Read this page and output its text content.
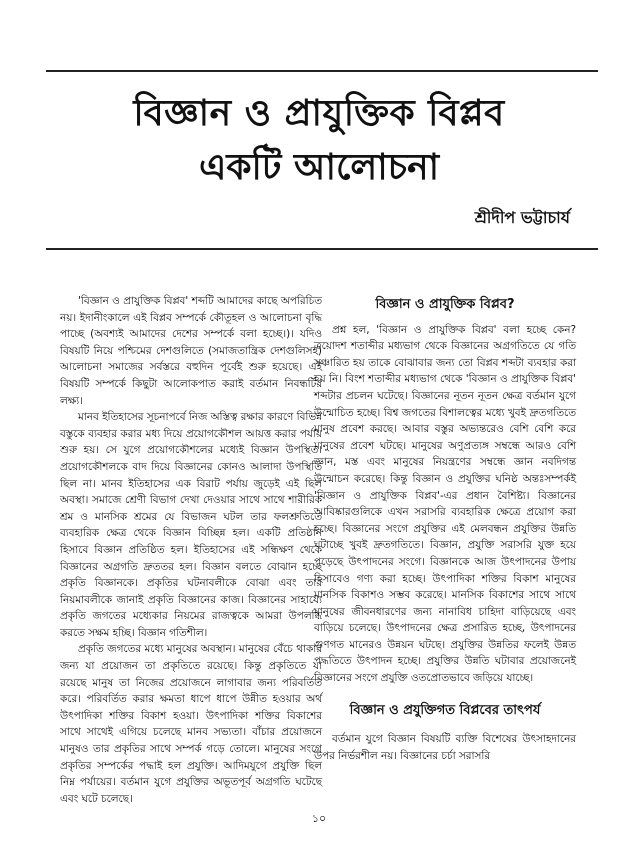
বিজ্ঞান ও প্রাযুক্তিক বিপ্লব
একটি আলোচনা
শ্রীদীপ ভট্টাচার্য

'বিজ্ঞান ও প্রাযুক্তিক বিপ্লব' শব্দটি আমাদের কাছে অপরিচিত নয়। ইদানীংকালে এই বিপ্লব সম্পর্কে কৌতূহল ও আলোচনা বৃদ্ধি পাচ্ছে (অবশ্যই আমাদের দেশের সম্পর্কে বলা হচ্ছে।)। যদিও বিষয়টি নিয়ে পশ্চিমের দেশগুলিতে (সমাজতান্ত্রিক দেশগুলিসহ) আলোচনা সমাজের সর্বস্তরে বহুদিন পূর্বেই শুরু হয়েছে। এই বিষয়টি সম্পর্কে কিছুটা আলোকপাত করাই বর্তমান নিবন্ধটির লক্ষ্য।

মানব ইতিহাসের সূচনাপর্বে নিজ অস্তিত্ব রক্ষার কারণে বিভিন্ন বস্তুকে ব্যবহার করার মধ্য দিয়ে প্রয়োগকৌশল আয়ত্ত করার পর্যায় শুরু হয়। সে যুগে প্রয়োগকৌশলের মধ্যেই বিজ্ঞান উপস্থিত। প্রয়োগকৌশলকে বাদ দিয়ে বিজ্ঞানের কোনও আলাদা উপস্থিতি ছিল না। মানব ইতিহাসের এক বিরাট পর্যায় জুড়েই এই ছিল অবস্থা। সমাজে শ্রেণী বিভাগ দেখা দেওয়ার সাথে সাথে শারীরিক শ্রম ও মানসিক শ্রমের যে বিভাজন ঘটল তার ফলশ্রুতিতে ব্যবহারিক ক্ষেত্র থেকে বিজ্ঞান বিচ্ছিন্ন হল। একটি প্রতিষ্ঠান হিসাবে বিজ্ঞান প্রতিষ্ঠিত হল। ইতিহাসের এই সন্ধিক্ষণ থেকে বিজ্ঞানের অগ্রগতি দ্রুততর হল। বিজ্ঞান বলতে বোঝান হচ্ছে প্রকৃতি বিজ্ঞানকে। প্রকৃতির ঘটনাবলীকে বোঝা এবং তার নিয়মাবলীকে জানাই প্রকৃতি বিজ্ঞানের কাজ। বিজ্ঞানের সাহায্যে প্রকৃতি জগতের মধ্যেকার নিয়মের রাজত্বকে আমরা উপলব্ধি করতে সক্ষম হচ্ছি। বিজ্ঞান গতিশীল।

প্রকৃতি জগতের মধ্যে মানুষের অবস্থান। মানুষের বেঁচে থাকার জন্য যা প্রয়োজন তা প্রকৃতিতে রয়েছে। কিন্তু প্রকৃতিতে যা রয়েছে মানুষ তা নিজের প্রয়োজনে লাগাবার জন্য পরিবর্তিত করে। পরিবর্তিত করার ক্ষমতা ধাপে ধাপে উন্নীত হওয়ার অর্থ উৎপাদিকা শক্তির বিকাশ হওয়া। উৎপাদিকা শক্তির বিকাশের সাথে সাথেই এগিয়ে চলেছে মানব সভ্যতা। বাঁচার প্রয়োজনে মানুষও তার প্রকৃতির সাথে সম্পর্ক গড়ে তোলে। মানুষের সংগে প্রকৃতির সম্পর্কের পদ্ধাই হল প্রযুক্তি। আদিমযুগে প্রযুক্তি ছিল নিম্ন পর্যায়ের। বর্তমান যুগে প্রযুক্তির অভূতপূর্ব অগ্রগতি ঘটেছে এবং ঘটে চলেছে।

বিজ্ঞান ও প্রাযুক্তিক বিপ্লব?

প্রশ্ন হল, 'বিজ্ঞান ও প্রাযুক্তিক বিপ্লব' বলা হচ্ছে কেন? ত্রয়োদশ শতাব্দীর মধ্যভাগ থেকে বিজ্ঞানের অগ্রগতিতে যে গতি সঞ্চারিত হয় তাকে বোঝাবার জন্য তো বিপ্লব শব্দটা ব্যবহার করা হয় নি। বিংশ শতাব্দীর মধ্যভাগ থেকে 'বিজ্ঞান ও প্রাযুক্তিক বিপ্লব' শব্দটার প্রচলন ঘটেছে। বিজ্ঞানের নূতন নূতন ক্ষেত্র বর্তমান যুগে উন্মোচিত হচ্ছে। বিশ্ব জগতের বিশালত্বের মধ্যে খুবই দ্রুতগতিতে মানুষ প্রবেশ করছে। আবার বস্তুর অভ্যন্তরেও বেশি বেশি করে মানুষের প্রবেশ ঘটছে। মানুষের অণুপ্রত্যঙ্গ সম্বন্ধে আরও বেশি জ্ঞান, মস্ত এবং মানুষের নিয়ন্ত্রণের সম্বন্ধে জ্ঞান নবদিগন্ত উন্মোচন করেছে। কিন্তু বিজ্ঞান ও প্রযুক্তির ঘনিষ্ঠ অন্তঃসম্পর্কই 'বিজ্ঞান ও প্রাযুক্তিক বিপ্লব'-এর প্রধান বৈশিষ্ট্য। বিজ্ঞানের আবিষ্কারগুলিকে এখন সরাসরি ব্যবহারিক ক্ষেত্রে প্রয়োগ করা হচ্ছে। বিজ্ঞানের সংগে প্রযুক্তির এই মেলবন্ধন প্রযুক্তির উন্নতি ঘটাচ্ছে খুবই দ্রুতগতিতে। বিজ্ঞান, প্রযুক্তি সরাসরি যুক্ত হয়ে পড়েছে উৎপাদনের সংগে। বিজ্ঞানকে আজ উৎপাদনের উপায় হিসাবেও গণ্য করা হচ্ছে। উৎপাদিকা শক্তির বিকাশ মানুষের মানসিক বিকাশও সম্ভব করেছে। মানসিক বিকাশের সাথে সাথে মানুষের জীবনধারণের জন্য নানাবিধ চাহিদা বাড়িয়েছে এবং বাড়িয়ে চলেছে। উৎপাদনের ক্ষেত্র প্রসারিত হচ্ছে, উৎপাদনের গুণগত মানেরও উন্নয়ন ঘটছে। প্রযুক্তির উন্নতির ফলেই উন্নত পদ্ধতিতে উৎপাদন হচ্ছে। প্রযুক্তির উন্নতি ঘটাবার প্রয়োজনেই বিজ্ঞানের সংগে প্রযুক্তি ওতপ্রোতভাবে জড়িয়ে যাচ্ছে।

বিজ্ঞান ও প্রযুক্তিগত বিপ্লবের তাৎপর্য

বর্তমান যুগে বিজ্ঞান বিষয়টি ব্যক্তি বিশেষের উৎসাহদানের উপর নির্ভরশীল নয়। বিজ্ঞানের চর্চা সরাসরি

১০
